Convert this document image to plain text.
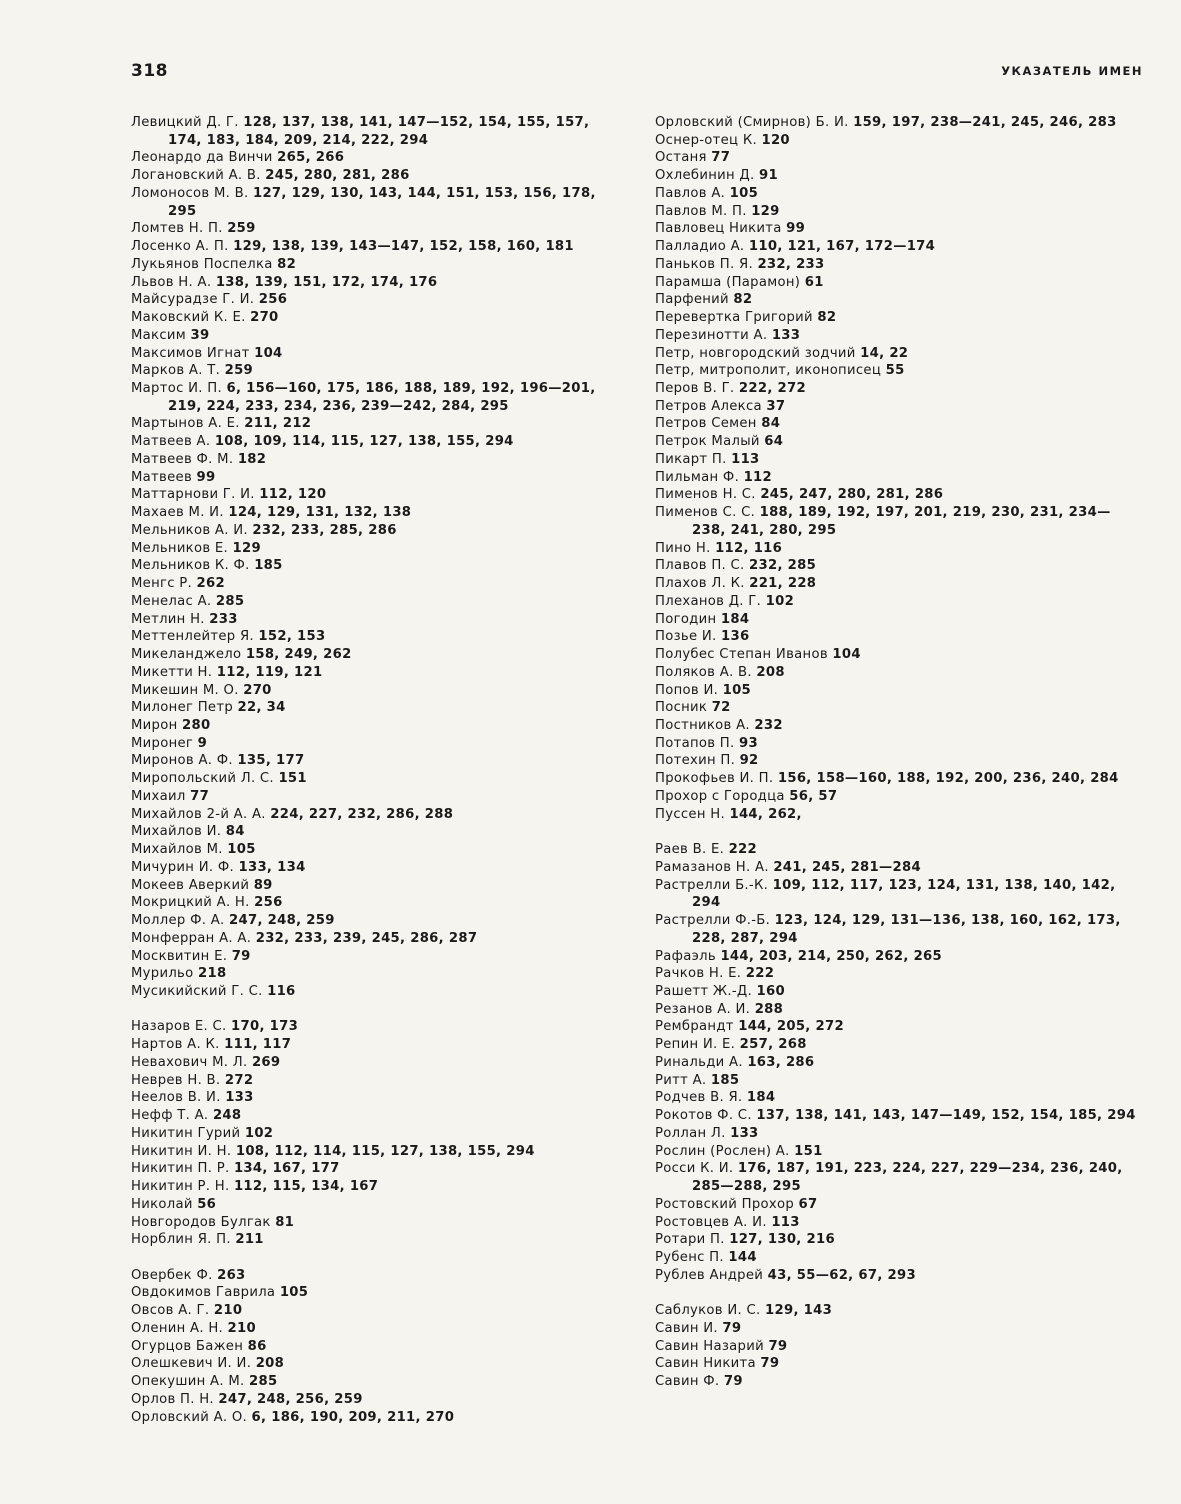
318	УКАЗАТЕЛЬ ИМЕН
Левицкий Д. Г. 128, 137, 138, 141, 147—152, 154, 155, 157, 174, 183, 184, 209, 214, 222, 294
Леонардо да Винчи 265, 266
Логановский А. В. 245, 280, 281, 286
Ломоносов М. В. 127, 129, 130, 143, 144, 151, 153, 156, 178, 295
Ломтев Н. П. 259
Лосенко А. П. 129, 138, 139, 143—147, 152, 158, 160, 181
Лукьянов Поспелка 82
Львов Н. А. 138, 139, 151, 172, 174, 176
Майсурадзе Г. И. 256
Маковский К. Е. 270
Максим 39
Максимов Игнат 104
Марков А. Т. 259
Мартос И. П. 6, 156—160, 175, 186, 188, 189, 192, 196—201, 219, 224, 233, 234, 236, 239—242, 284, 295
Мартынов А. Е. 211, 212
Матвеев А. 108, 109, 114, 115, 127, 138, 155, 294
Матвеев Ф. М. 182
Матвеев 99
Маттарнови Г. И. 112, 120
Махаев М. И. 124, 129, 131, 132, 138
Мельников А. И. 232, 233, 285, 286
Мельников Е. 129
Мельников К. Ф. 185
Менгс Р. 262
Менелас А. 285
Метлин Н. 233
Меттенлейтер Я. 152, 153
Микеланджело 158, 249, 262
Микетти Н. 112, 119, 121
Микешин М. О. 270
Милонег Петр 22, 34
Мирон 280
Миронег 9
Миронов А. Ф. 135, 177
Миропольский Л. С. 151
Михаил 77
Михайлов 2-й А. А. 224, 227, 232, 286, 288
Михайлов И. 84
Михайлов М. 105
Мичурин И. Ф. 133, 134
Мокеев Аверкий 89
Мокрицкий А. Н. 256
Моллер Ф. А. 247, 248, 259
Монферран А. А. 232, 233, 239, 245, 286, 287
Москвитин Е. 79
Мурильо 218
Мусикийский Г. С. 116
Назаров Е. С. 170, 173
Нартов А. К. 111, 117
Невахович М. Л. 269
Неврев Н. В. 272
Неелов В. И. 133
Нефф Т. А. 248
Никитин Гурий 102
Никитин И. Н. 108, 112, 114, 115, 127, 138, 155, 294
Никитин П. Р. 134, 167, 177
Никитин Р. Н. 112, 115, 134, 167
Николай 56
Новгородов Булгак 81
Норблин Я. П. 211
Овербек Ф. 263
Овдокимов Гаврила 105
Овсов А. Г. 210
Оленин А. Н. 210
Огурцов Бажен 86
Олешкевич И. И. 208
Опекушин А. М. 285
Орлов П. Н. 247, 248, 256, 259
Орловский А. О. 6, 186, 190, 209, 211, 270
Орловский (Смирнов) Б. И. 159, 197, 238—241, 245, 246, 283
Оснер-отец К. 120
Останя 77
Охлебинин Д. 91
Павлов А. 105
Павлов М. П. 129
Павловец Никита 99
Палладио А. 110, 121, 167, 172—174
Паньков П. Я. 232, 233
Парамша (Парамон) 61
Парфений 82
Перевертка Григорий 82
Перезинотти А. 133
Петр, новгородский зодчий 14, 22
Петр, митрополит, иконописец 55
Перов В. Г. 222, 272
Петров Алекса 37
Петров Семен 84
Петрок Малый 64
Пикарт П. 113
Пильман Ф. 112
Пименов Н. С. 245, 247, 280, 281, 286
Пименов С. С. 188, 189, 192, 197, 201, 219, 230, 231, 234—238, 241, 280, 295
Пино Н. 112, 116
Плавов П. С. 232, 285
Плахов Л. К. 221, 228
Плеханов Д. Г. 102
Погодин 184
Позье И. 136
Полубес Степан Иванов 104
Поляков А. В. 208
Попов И. 105
Посник 72
Постников А. 232
Потапов П. 93
Потехин П. 92
Прокофьев И. П. 156, 158—160, 188, 192, 200, 236, 240, 284
Прохор с Городца 56, 57
Пуссен Н. 144, 262,
Раев В. Е. 222
Рамазанов Н. А. 241, 245, 281—284
Растрелли Б.-К. 109, 112, 117, 123, 124, 131, 138, 140, 142, 294
Растрелли Ф.-Б. 123, 124, 129, 131—136, 138, 160, 162, 173, 228, 287, 294
Рафаэль 144, 203, 214, 250, 262, 265
Рачков Н. Е. 222
Рашетт Ж.-Д. 160
Резанов А. И. 288
Рембрандт 144, 205, 272
Репин И. Е. 257, 268
Ринальди А. 163, 286
Ритт А. 185
Родчев В. Я. 184
Рокотов Ф. С. 137, 138, 141, 143, 147—149, 152, 154, 185, 294
Роллан Л. 133
Рослин (Рослен) А. 151
Росси К. И. 176, 187, 191, 223, 224, 227, 229—234, 236, 240, 285—288, 295
Ростовский Прохор 67
Ростовцев А. И. 113
Ротари П. 127, 130, 216
Рубенс П. 144
Рублев Андрей 43, 55—62, 67, 293
Саблуков И. С. 129, 143
Савин И. 79
Савин Назарий 79
Савин Никита 79
Савин Ф. 79
